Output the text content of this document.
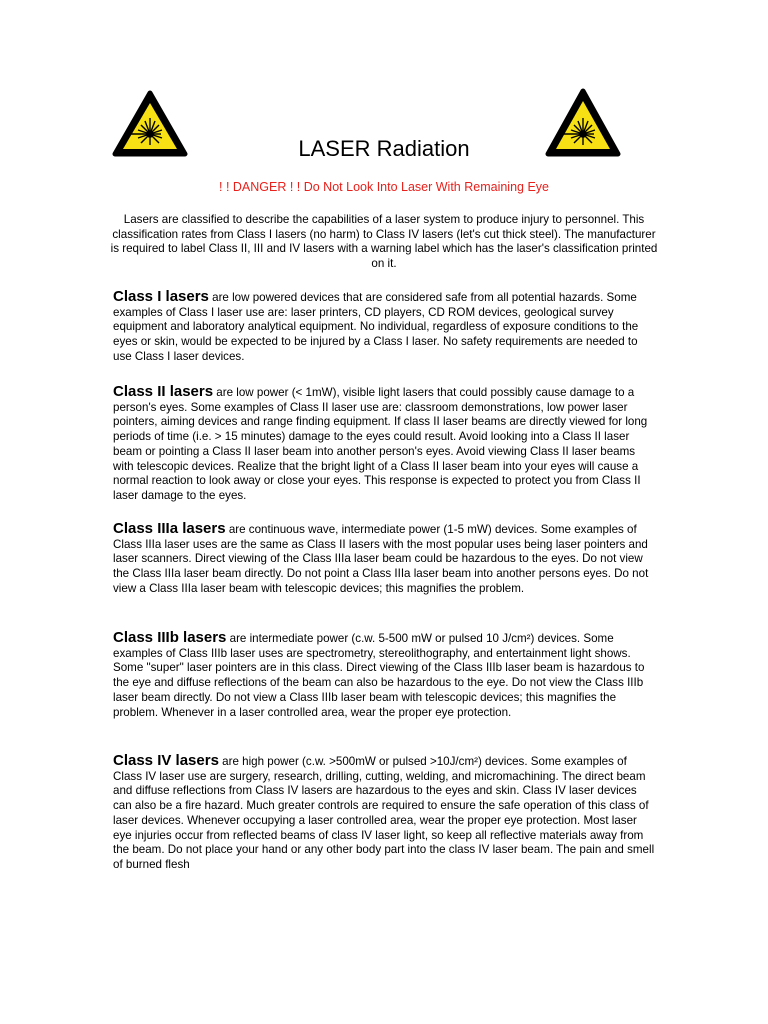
LASER Radiation
! ! DANGER ! ! Do Not Look Into Laser With Remaining Eye
Lasers are classified to describe the capabilities of a laser system to produce injury to personnel. This classification rates from Class I lasers (no harm) to Class IV lasers (let's cut thick steel). The manufacturer is required to label Class II, III and IV lasers with a warning label which has the laser's classification printed on it.
Class I lasers are low powered devices that are considered safe from all potential hazards. Some examples of Class I laser use are: laser printers, CD players, CD ROM devices, geological survey equipment and laboratory analytical equipment. No individual, regardless of exposure conditions to the eyes or skin, would be expected to be injured by a Class I laser. No safety requirements are needed to use Class I laser devices.
Class II lasers are low power (< 1mW), visible light lasers that could possibly cause damage to a person's eyes. Some examples of Class II laser use are: classroom demonstrations, low power laser pointers, aiming devices and range finding equipment. If class II laser beams are directly viewed for long periods of time (i.e. > 15 minutes) damage to the eyes could result. Avoid looking into a Class II laser beam or pointing a Class II laser beam into another person's eyes. Avoid viewing Class II laser beams with telescopic devices. Realize that the bright light of a Class II laser beam into your eyes will cause a normal reaction to look away or close your eyes. This response is expected to protect you from Class II laser damage to the eyes.
Class IIIa lasers are continuous wave, intermediate power (1-5 mW) devices. Some examples of Class IIIa laser uses are the same as Class II lasers with the most popular uses being laser pointers and laser scanners. Direct viewing of the Class IIIa laser beam could be hazardous to the eyes. Do not view the Class IIIa laser beam directly. Do not point a Class IIIa laser beam into another persons eyes. Do not view a Class IIIa laser beam with telescopic devices; this magnifies the problem.
Class IIIb lasers are intermediate power (c.w. 5-500 mW or pulsed 10 J/cm²) devices. Some examples of Class IIIb laser uses are spectrometry, stereolithography, and entertainment light shows. Some "super" laser pointers are in this class. Direct viewing of the Class IIIb laser beam is hazardous to the eye and diffuse reflections of the beam can also be hazardous to the eye. Do not view the Class IIIb laser beam directly. Do not view a Class IIIb laser beam with telescopic devices; this magnifies the problem. Whenever in a laser controlled area, wear the proper eye protection.
Class IV lasers are high power (c.w. >500mW or pulsed >10J/cm²) devices. Some examples of Class IV laser use are surgery, research, drilling, cutting, welding, and micromachining. The direct beam and diffuse reflections from Class IV lasers are hazardous to the eyes and skin. Class IV laser devices can also be a fire hazard. Much greater controls are required to ensure the safe operation of this class of laser devices. Whenever occupying a laser controlled area, wear the proper eye protection. Most laser eye injuries occur from reflected beams of class IV laser light, so keep all reflective materials away from the beam. Do not place your hand or any other body part into the class IV laser beam. The pain and smell of burned flesh
